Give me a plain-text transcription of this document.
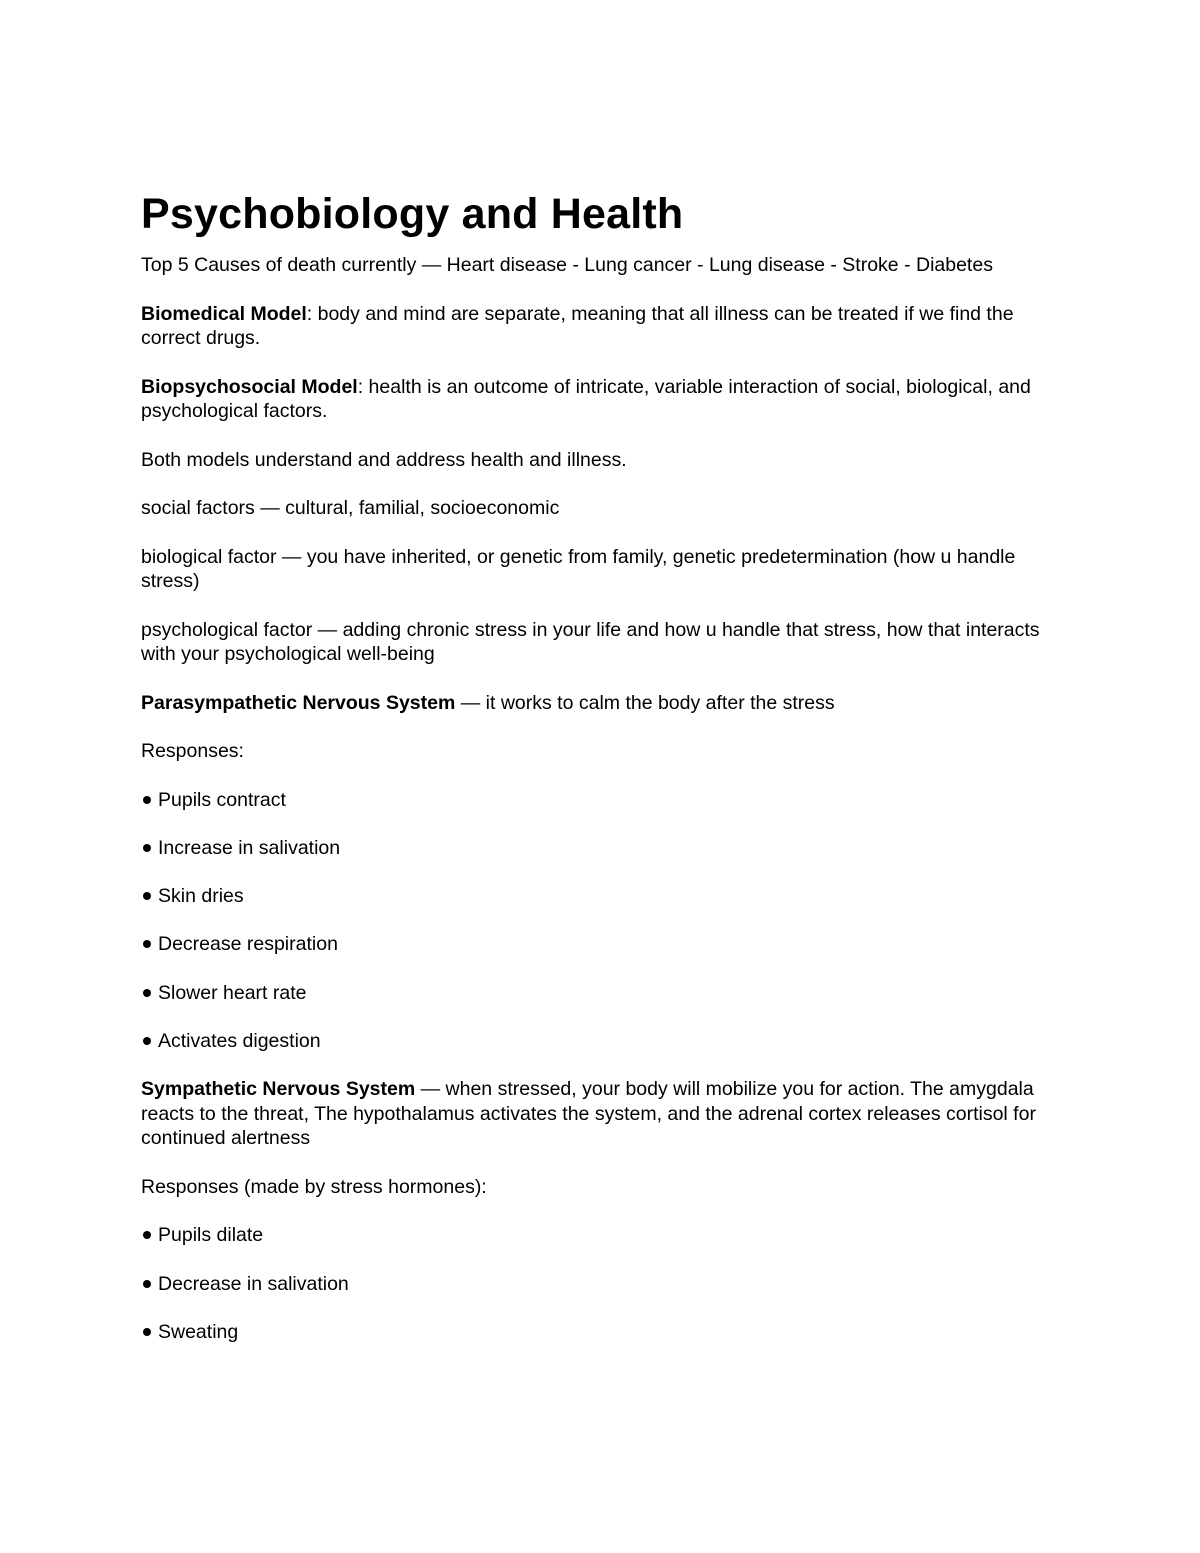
Psychobiology and Health
Top 5 Causes of death currently — Heart disease - Lung cancer - Lung disease - Stroke - Diabetes
Biomedical Model: body and mind are separate, meaning that all illness can be treated if we find the correct drugs.
Biopsychosocial Model: health is an outcome of intricate, variable interaction of social, biological, and psychological factors.
Both models understand and address health and illness.
social factors — cultural, familial, socioeconomic
biological factor — you have inherited, or genetic from family, genetic predetermination (how u handle stress)
psychological factor — adding chronic stress in your life and how u handle that stress, how that interacts with your psychological well-being
Parasympathetic Nervous System — it works to calm the body after the stress
Responses:
Pupils contract
Increase in salivation
Skin dries
Decrease respiration
Slower heart rate
Activates digestion
Sympathetic Nervous System — when stressed, your body will mobilize you for action. The amygdala reacts to the threat, The hypothalamus activates the system, and the adrenal cortex releases cortisol for continued alertness
Responses (made by stress hormones):
Pupils dilate
Decrease in salivation
Sweating
